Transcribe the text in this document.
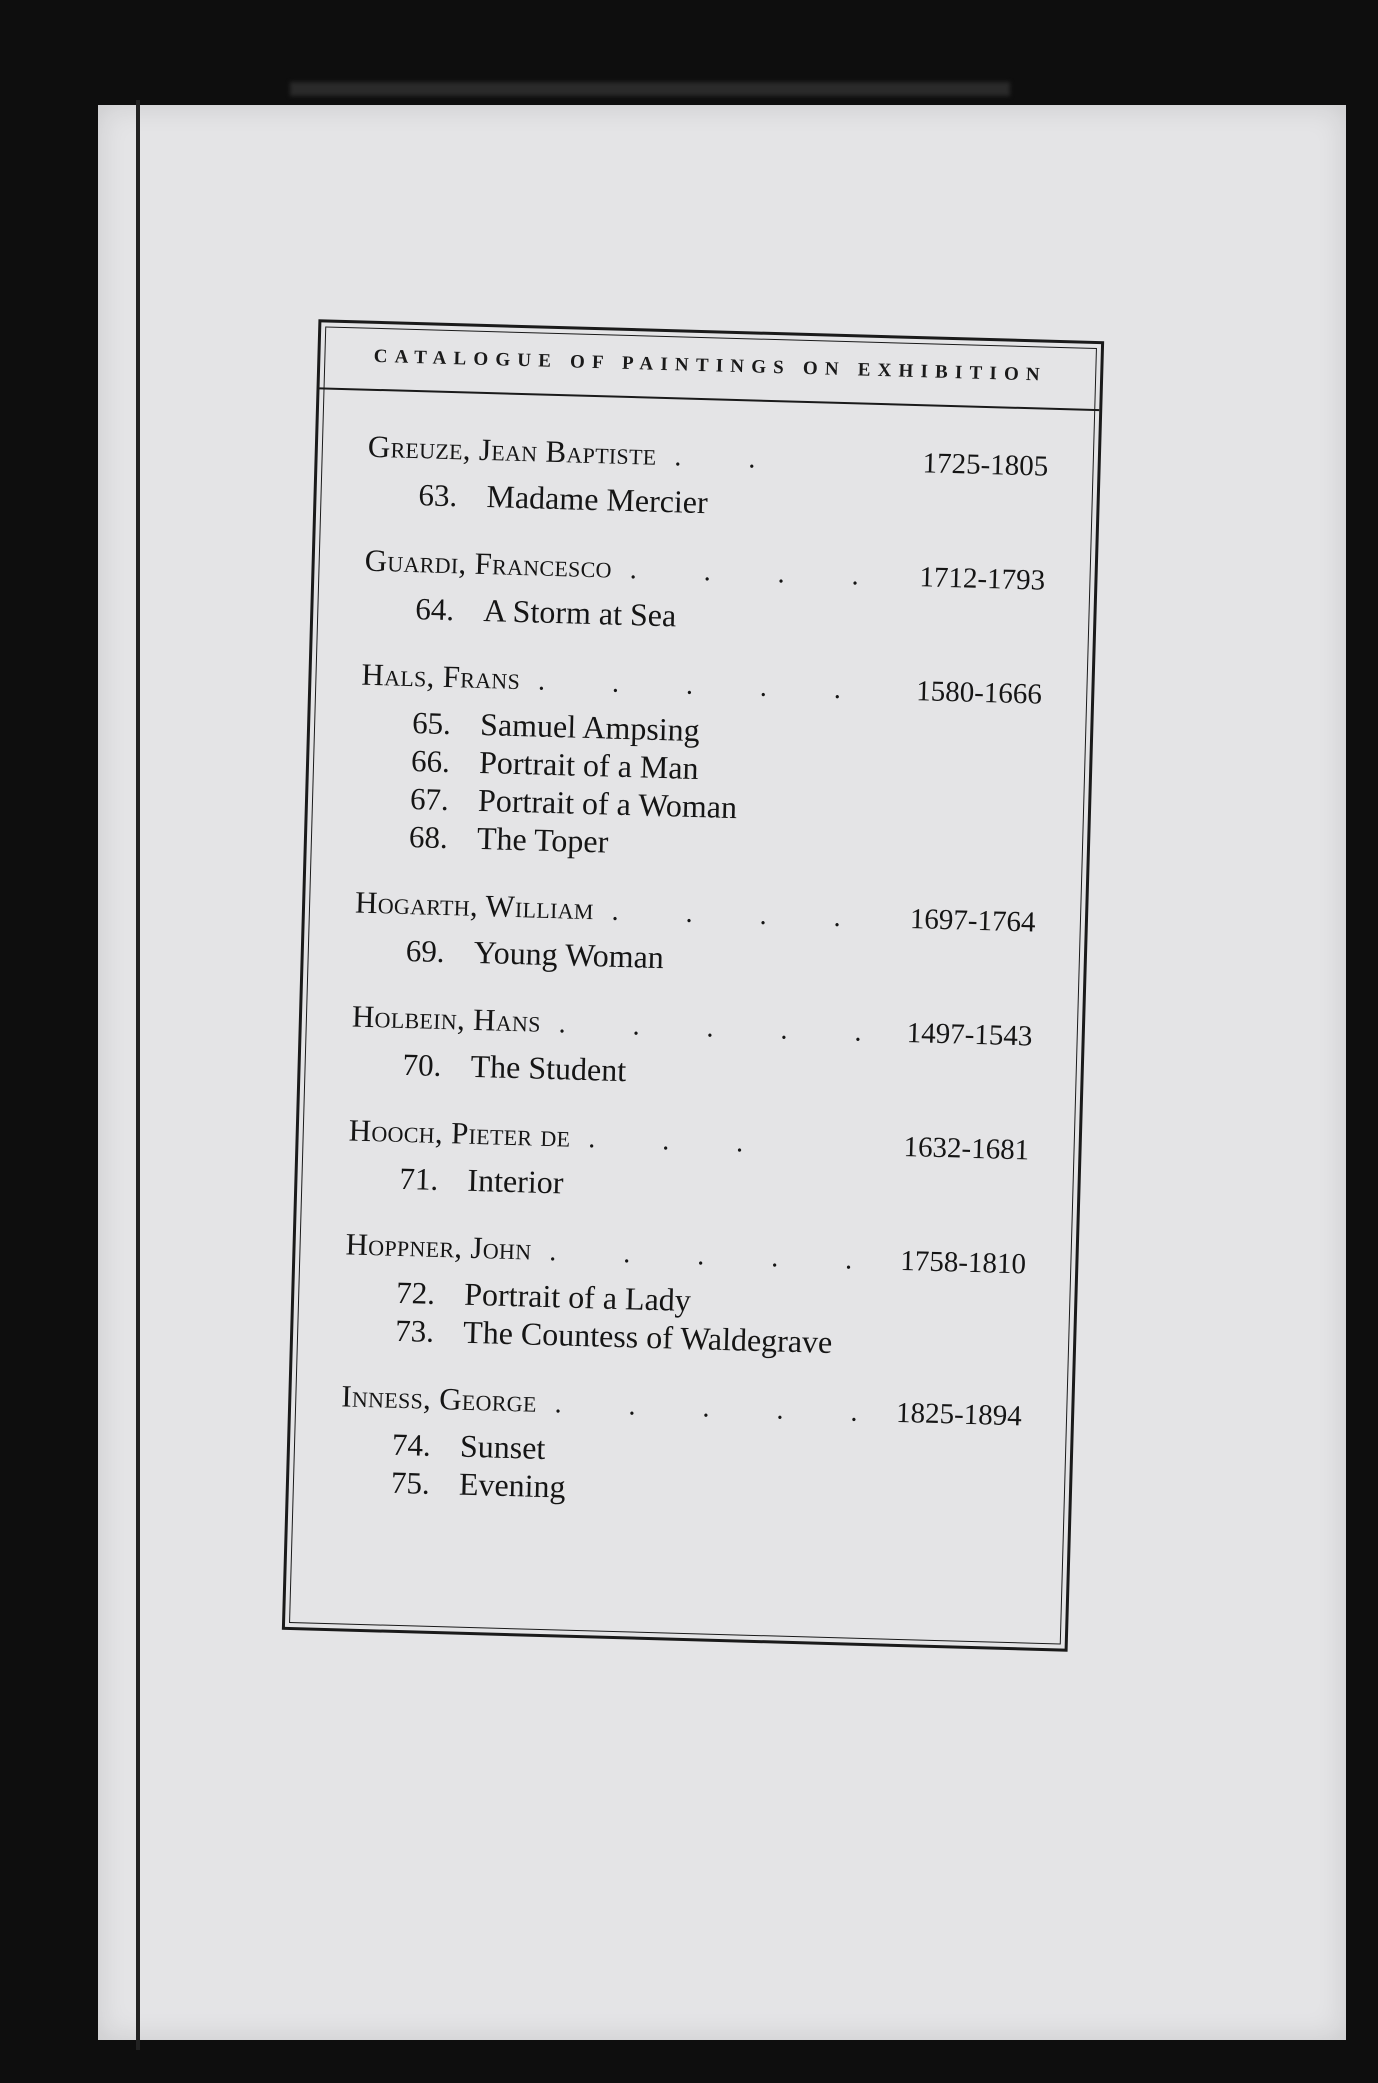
CATALOGUE OF PAINTINGS ON EXHIBITION
Greuze, Jean Baptiste . .	1725-1805
63. Madame Mercier
Guardi, Francesco . . . .	1712-1793
64. A Storm at Sea
Hals, Frans . . . . .	1580-1666
65. Samuel Ampsing
66. Portrait of a Man
67. Portrait of a Woman
68. The Toper
Hogarth, William . . . .	1697-1764
69. Young Woman
Holbein, Hans . . . . . 1497-1543
70. The Student
Hooch, Pieter de . . .	1632-1681
71. Interior
Hoppner, John . . . . . 1758-1810
72. Portrait of a Lady
73. The Countess of Waldegrave
Inness, George . . . . . 1825-1894
74. Sunset
75. Evening
